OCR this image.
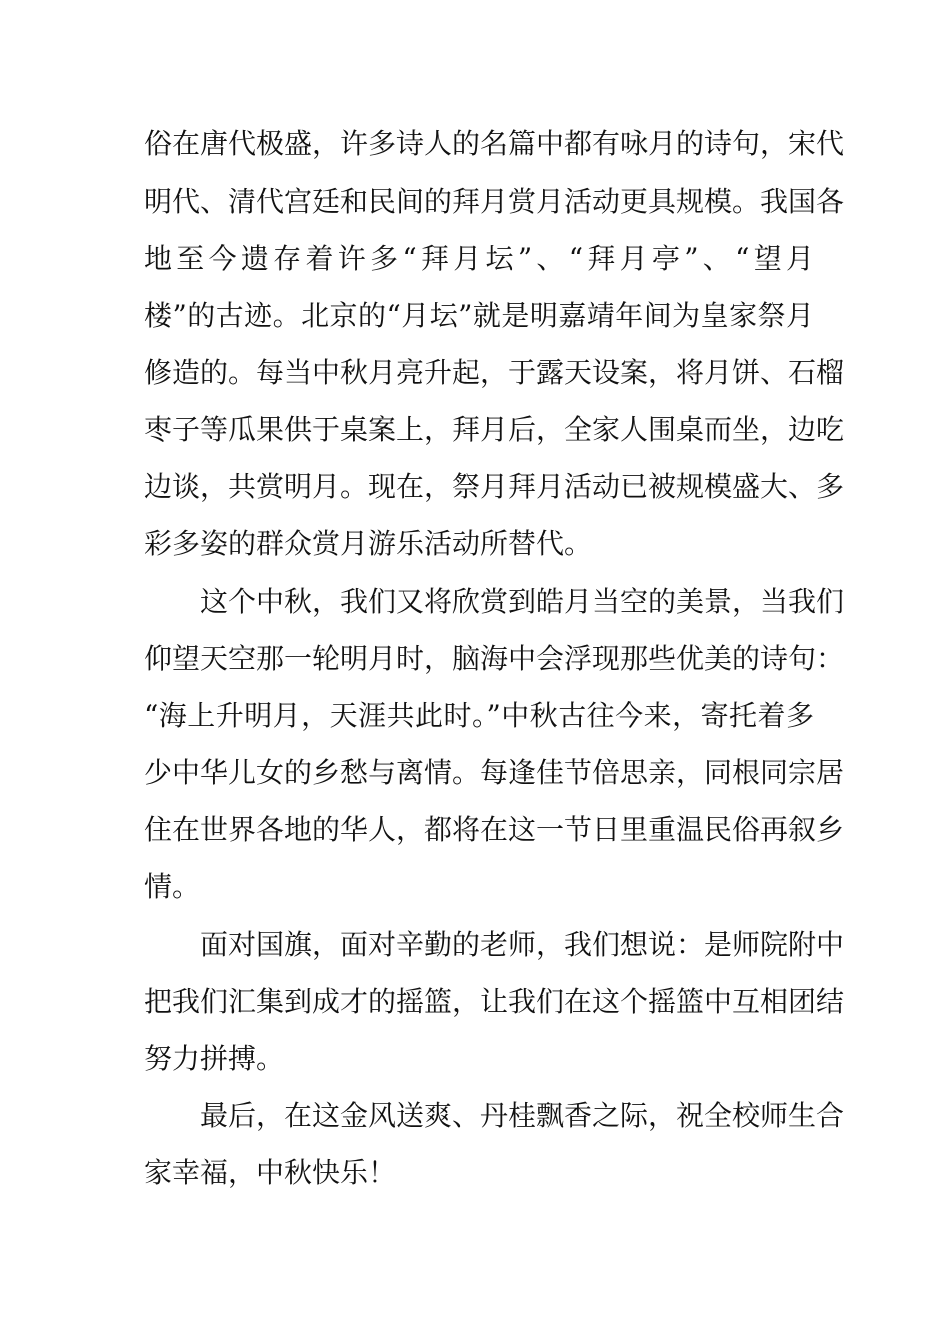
俗在唐代极盛，许多诗人的名篇中都有咏月的诗句，宋代
明代、清代宫廷和民间的拜月赏月活动更具规模。我国各
地至今遗存着许多“拜月坛”、“拜月亭”、“望月
楼”的古迹。北京的“月坛”就是明嘉靖年间为皇家祭月
修造的。每当中秋月亮升起，于露天设案，将月饼、石榴
枣子等瓜果供于桌案上，拜月后，全家人围桌而坐，边吃
边谈，共赏明月。现在，祭月拜月活动已被规模盛大、多
彩多姿的群众赏月游乐活动所替代。
这个中秋，我们又将欣赏到皓月当空的美景，当我们
仰望天空那一轮明月时，脑海中会浮现那些优美的诗句：
“海上升明月，天涯共此时。”中秋古往今来，寄托着多
少中华儿女的乡愁与离情。每逢佳节倍思亲，同根同宗居
住在世界各地的华人，都将在这一节日里重温民俗再叙乡
情。
面对国旗，面对辛勤的老师，我们想说：是师院附中
把我们汇集到成才的摇篮，让我们在这个摇篮中互相团结
努力拼搏。
最后，在这金风送爽、丹桂飘香之际，祝全校师生合
家幸福，中秋快乐！
